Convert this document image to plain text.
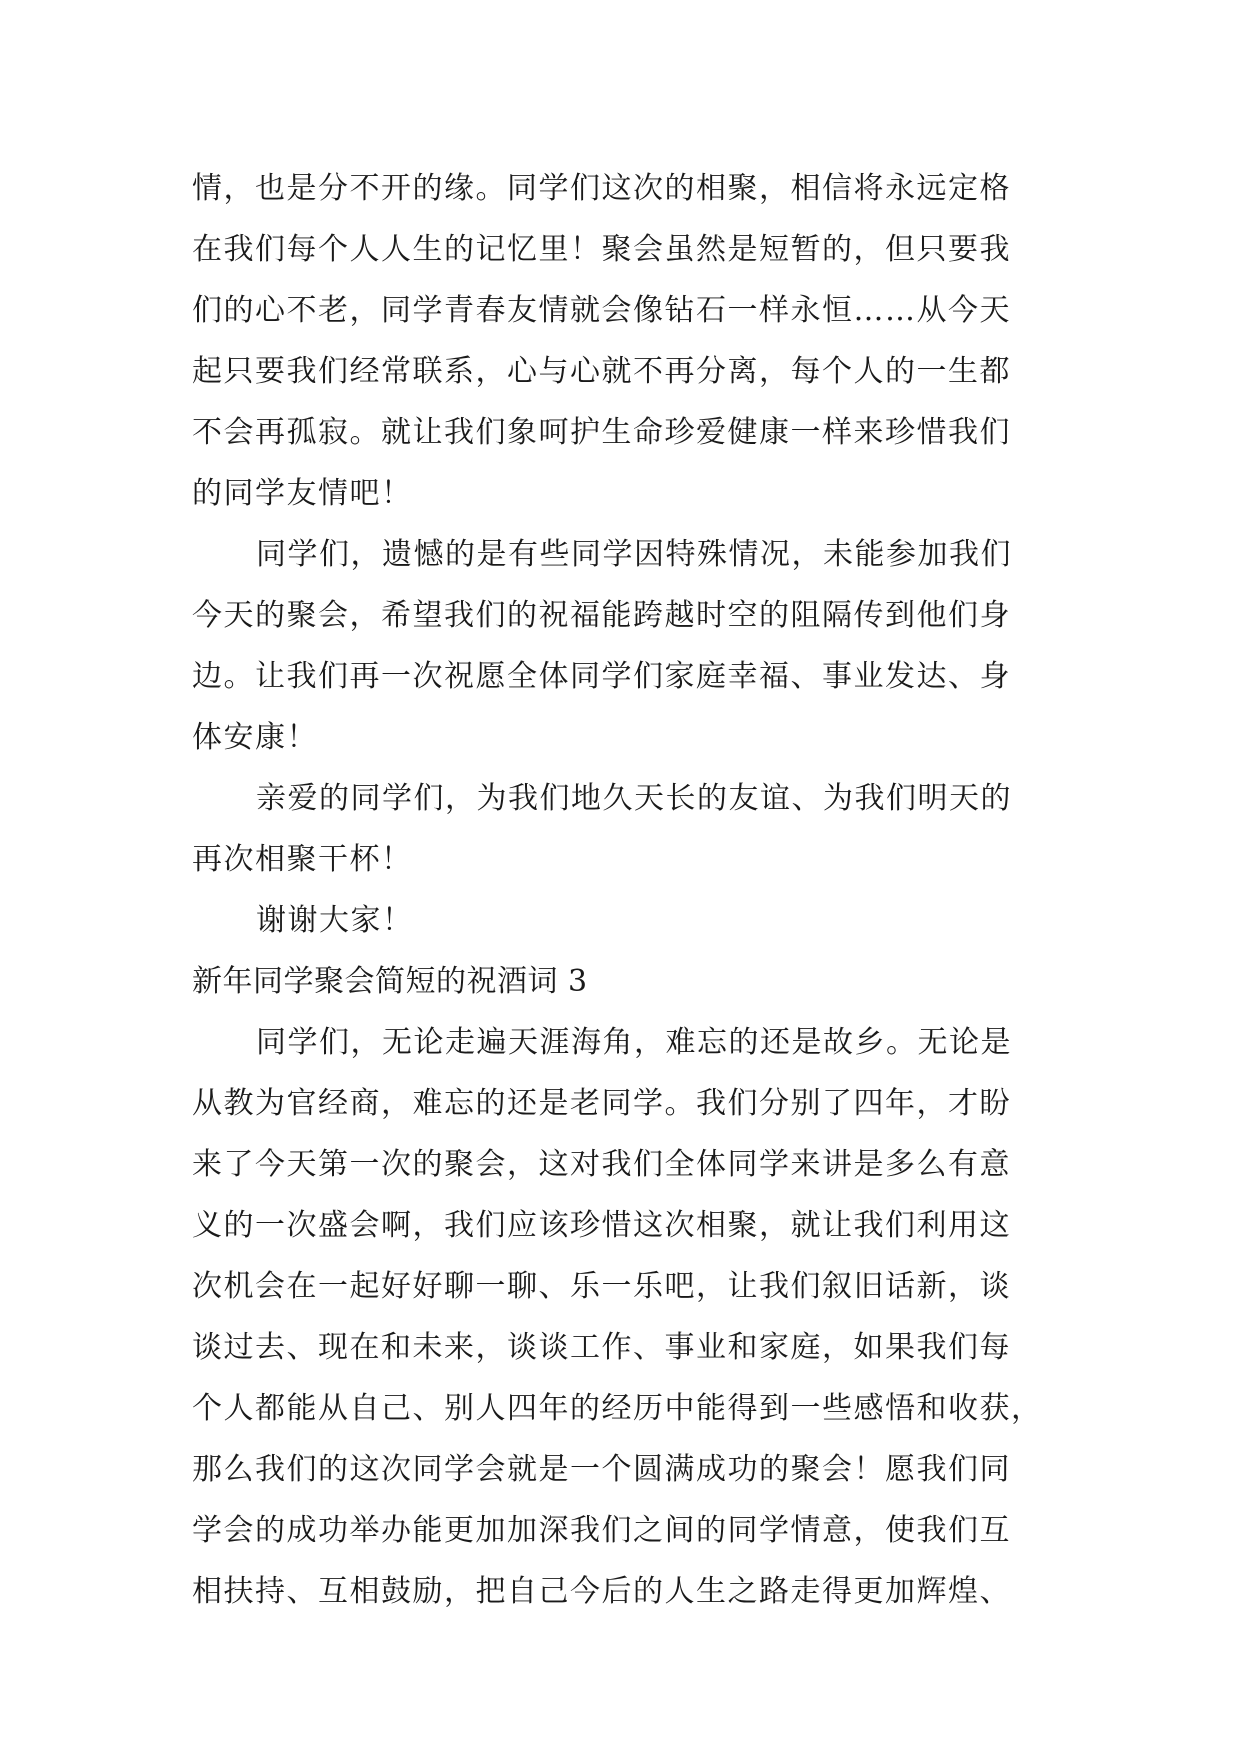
情，也是分不开的缘。同学们这次的相聚，相信将永远定格
在我们每个人人生的记忆里！聚会虽然是短暂的，但只要我
们的心不老，同学青春友情就会像钻石一样永恒……从今天
起只要我们经常联系，心与心就不再分离，每个人的一生都
不会再孤寂。就让我们象呵护生命珍爱健康一样来珍惜我们
的同学友情吧！
同学们，遗憾的是有些同学因特殊情况，未能参加我们
今天的聚会，希望我们的祝福能跨越时空的阻隔传到他们身
边。让我们再一次祝愿全体同学们家庭幸福、事业发达、身
体安康！
亲爱的同学们，为我们地久天长的友谊、为我们明天的
再次相聚干杯！
谢谢大家！
新年同学聚会简短的祝酒词 3
同学们，无论走遍天涯海角，难忘的还是故乡。无论是
从教为官经商，难忘的还是老同学。我们分别了四年，才盼
来了今天第一次的聚会，这对我们全体同学来讲是多么有意
义的一次盛会啊，我们应该珍惜这次相聚，就让我们利用这
次机会在一起好好聊一聊、乐一乐吧，让我们叙旧话新，谈
谈过去、现在和未来，谈谈工作、事业和家庭，如果我们每
个人都能从自己、别人四年的经历中能得到一些感悟和收获，
那么我们的这次同学会就是一个圆满成功的聚会！愿我们同
学会的成功举办能更加加深我们之间的同学情意，使我们互
相扶持、互相鼓励，把自己今后的人生之路走得更加辉煌、
